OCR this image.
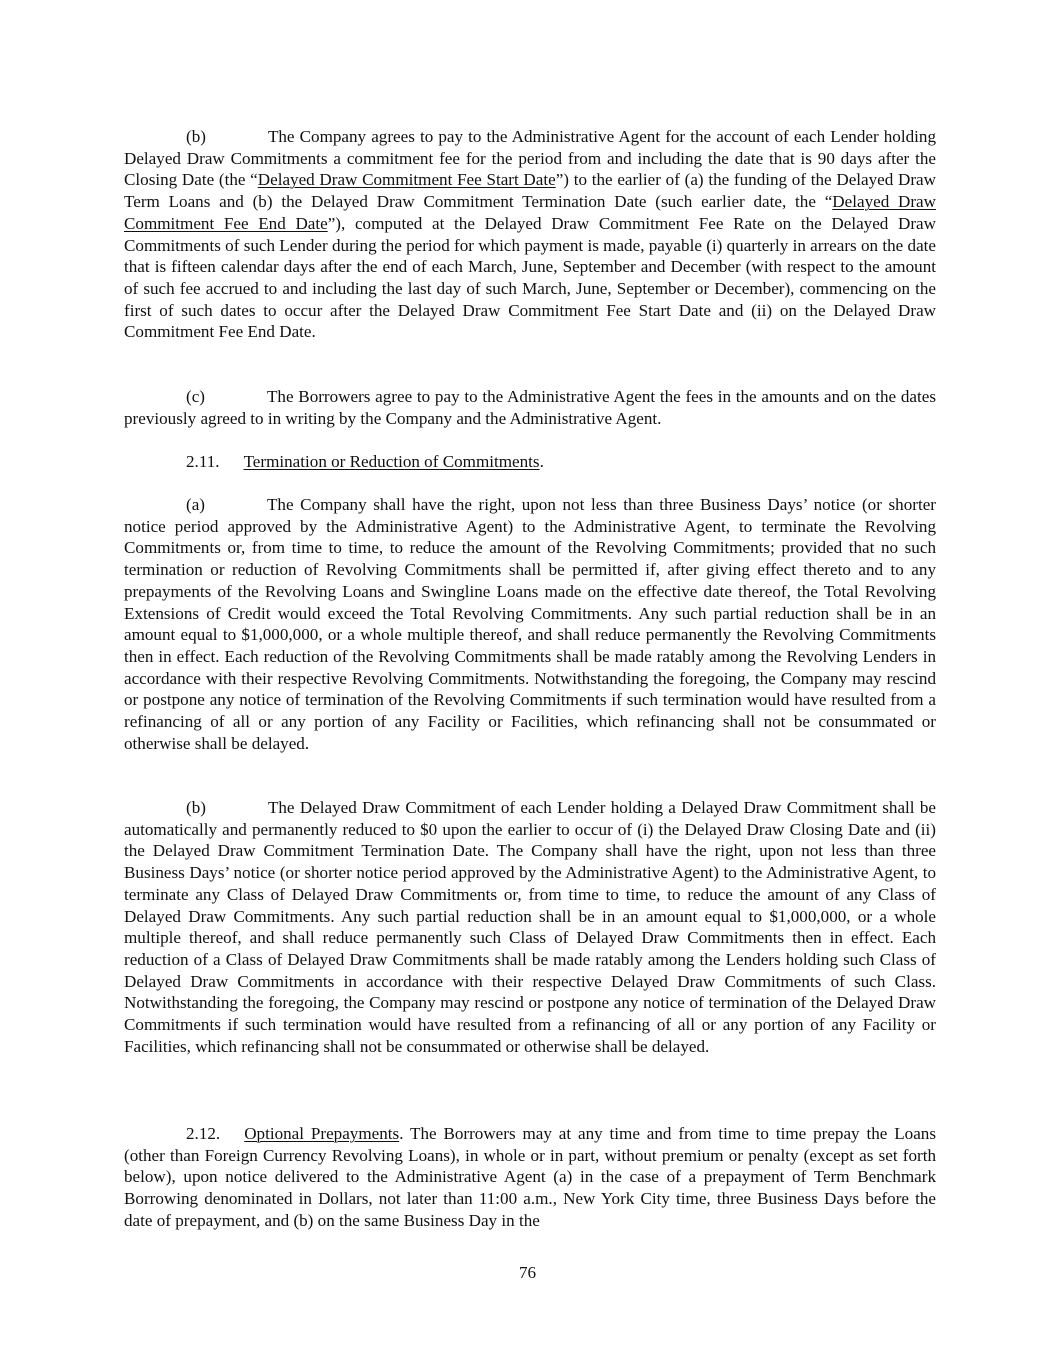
(b)	The Company agrees to pay to the Administrative Agent for the account of each Lender holding Delayed Draw Commitments a commitment fee for the period from and including the date that is 90 days after the Closing Date (the “Delayed Draw Commitment Fee Start Date”) to the earlier of (a) the funding of the Delayed Draw Term Loans and (b) the Delayed Draw Commitment Termination Date (such earlier date, the “Delayed Draw Commitment Fee End Date”), computed at the Delayed Draw Commitment Fee Rate on the Delayed Draw Commitments of such Lender during the period for which payment is made, payable (i) quarterly in arrears on the date that is fifteen calendar days after the end of each March, June, September and December (with respect to the amount of such fee accrued to and including the last day of such March, June, September or December), commencing on the first of such dates to occur after the Delayed Draw Commitment Fee Start Date and (ii) on the Delayed Draw Commitment Fee End Date.
(c)	The Borrowers agree to pay to the Administrative Agent the fees in the amounts and on the dates previously agreed to in writing by the Company and the Administrative Agent.
2.11. Termination or Reduction of Commitments.
(a)	The Company shall have the right, upon not less than three Business Days’ notice (or shorter notice period approved by the Administrative Agent) to the Administrative Agent, to terminate the Revolving Commitments or, from time to time, to reduce the amount of the Revolving Commitments; provided that no such termination or reduction of Revolving Commitments shall be permitted if, after giving effect thereto and to any prepayments of the Revolving Loans and Swingline Loans made on the effective date thereof, the Total Revolving Extensions of Credit would exceed the Total Revolving Commitments. Any such partial reduction shall be in an amount equal to $1,000,000, or a whole multiple thereof, and shall reduce permanently the Revolving Commitments then in effect. Each reduction of the Revolving Commitments shall be made ratably among the Revolving Lenders in accordance with their respective Revolving Commitments. Notwithstanding the foregoing, the Company may rescind or postpone any notice of termination of the Revolving Commitments if such termination would have resulted from a refinancing of all or any portion of any Facility or Facilities, which refinancing shall not be consummated or otherwise shall be delayed.
(b)	The Delayed Draw Commitment of each Lender holding a Delayed Draw Commitment shall be automatically and permanently reduced to $0 upon the earlier to occur of (i) the Delayed Draw Closing Date and (ii) the Delayed Draw Commitment Termination Date. The Company shall have the right, upon not less than three Business Days’ notice (or shorter notice period approved by the Administrative Agent) to the Administrative Agent, to terminate any Class of Delayed Draw Commitments or, from time to time, to reduce the amount of any Class of Delayed Draw Commitments. Any such partial reduction shall be in an amount equal to $1,000,000, or a whole multiple thereof, and shall reduce permanently such Class of Delayed Draw Commitments then in effect. Each reduction of a Class of Delayed Draw Commitments shall be made ratably among the Lenders holding such Class of Delayed Draw Commitments in accordance with their respective Delayed Draw Commitments of such Class. Notwithstanding the foregoing, the Company may rescind or postpone any notice of termination of the Delayed Draw Commitments if such termination would have resulted from a refinancing of all or any portion of any Facility or Facilities, which refinancing shall not be consummated or otherwise shall be delayed.
2.12. Optional Prepayments. The Borrowers may at any time and from time to time prepay the Loans (other than Foreign Currency Revolving Loans), in whole or in part, without premium or penalty (except as set forth below), upon notice delivered to the Administrative Agent (a) in the case of a prepayment of Term Benchmark Borrowing denominated in Dollars, not later than 11:00 a.m., New York City time, three Business Days before the date of prepayment, and (b) on the same Business Day in the
76
